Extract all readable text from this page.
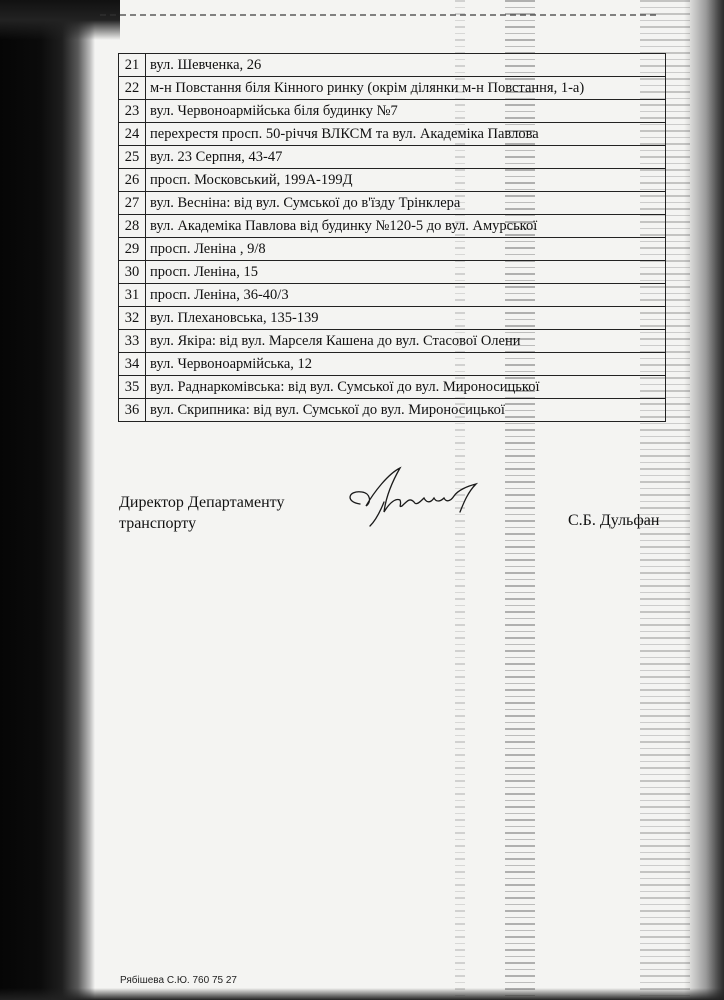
21	вул. Шевченка, 26
22	м-н Повстання біля Кінного ринку (окрім ділянки м-н Повстання, 1-а)
23	вул. Червоноармійська біля будинку №7
24	перехрестя просп. 50-річчя ВЛКСМ та вул. Академіка Павлова
25	вул. 23 Серпня, 43-47
26	просп. Московський, 199А-199Д
27	вул. Весніна: від вул. Сумської до в'їзду Трінклера
28	вул. Академіка Павлова від будинку №120-5 до вул. Амурської
29	просп. Леніна , 9/8
30	просп. Леніна, 15
31	просп. Леніна, 36-40/3
32	вул. Плехановська, 135-139
33	вул. Якіра: від вул. Марселя Кашена до вул. Стасової Олени
34	вул. Червоноармійська, 12
35	вул. Раднаркомівська: від вул. Сумської до вул. Мироносицької
36	вул. Скрипника: від вул. Сумської до вул. Мироносицької
Директор Департаменту
транспорту	С.Б. Дульфан
Рябішева С.Ю. 760 75 27
